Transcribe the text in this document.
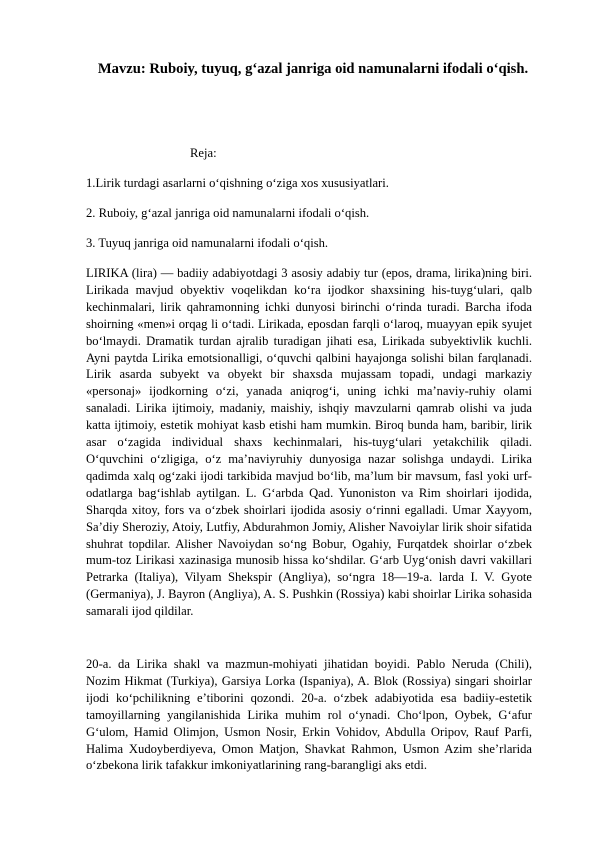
Mavzu: Ruboiy, tuyuq, g‘azal janriga oid namunalarni ifodali o‘qish.
Reja:
1.Lirik turdagi asarlarni o‘qishning o‘ziga xos xususiyatlari.
2. Ruboiy, g‘azal janriga oid namunalarni ifodali o‘qish.
3. Tuyuq janriga oid namunalarni ifodali o‘qish.

LIRIKA (lira) — badiiy adabiyotdagi 3 asosiy adabiy tur (epos, drama, lirika)ning biri. Lirikada mavjud obyektiv voqelikdan ko‘ra ijodkor shaxsining his-tuyg‘ulari, qalb kechinmalari, lirik qahramonning ichki dunyosi birinchi o‘rinda turadi. Barcha ifoda shoirning «men»i orqag li o‘tadi. Lirikada, eposdan farqli o‘laroq, muayyan epik syujet bo‘lmaydi. Dramatik turdan ajralib turadigan jihati esa, Lirikada subyektivlik kuchli. Ayni paytda Lirika emotsionalligi, o‘quvchi qalbini hayajonga solishi bilan farqlanadi. Lirik asarda subyekt va obyekt bir shaxsda mujassam topadi, undagi markaziy «personaj» ijodkorning o‘zi, yanada aniqrog‘i, uning ichki ma’naviy-ruhiy olami sanaladi. Lirika ijtimoiy, madaniy, maishiy, ishqiy mavzularni qamrab olishi va juda katta ijtimoiy, estetik mohiyat kasb etishi ham mumkin. Biroq bunda ham, baribir, lirik asar o‘zagida individual shaxs kechinmalari, his-tuyg‘ulari yetakchilik qiladi. O‘quvchini o‘zligiga, o‘z ma’naviyruhiy dunyosiga nazar solishga undaydi. Lirika qadimda xalq og‘zaki ijodi tarkibida mavjud bo‘lib, ma’lum bir mavsum, fasl yoki urf-odatlarga bag‘ishlab aytilgan. L. G‘arbda Qad. Yunoniston va Rim shoirlari ijodida, Sharqda xitoy, fors va o‘zbek shoirlari ijodida asosiy o‘rinni egalladi. Umar Xayyom, Sa’diy Sheroziy, Atoiy, Lutfiy, Abdurahmon Jomiy, Alisher Navoiylar lirik shoir sifatida shuhrat topdilar. Alisher Navoiydan so‘ng Bobur, Ogahiy, Furqatdek shoirlar o‘zbek mum-toz Lirikasi xazinasiga munosib hissa ko‘shdilar. G‘arb Uyg‘onish davri vakillari Petrarka (Italiya), Vilyam Shekspir (Angliya), so‘ngra 18—19-a. larda I. V. Gyote (Germaniya), J. Bayron (Angliya), A. S. Pushkin (Rossiya) kabi shoirlar Lirika sohasida samarali ijod qildilar.

20-a. da Lirika shakl va mazmun-mohiyati jihatidan boyidi. Pablo Neruda (Chili), Nozim Hikmat (Turkiya), Garsiya Lorka (Ispaniya), A. Blok (Rossiya) singari shoirlar ijodi ko‘pchilikning e’tiborini qozondi. 20-a. o‘zbek adabiyotida esa badiiy-estetik tamoyillarning yangilanishida Lirika muhim rol o‘ynadi. Cho‘lpon, Oybek, G‘afur G‘ulom, Hamid Olimjon, Usmon Nosir, Erkin Vohidov, Abdulla Oripov, Rauf Parfi, Halima Xudoyberdiyeva, Omon Matjon, Shavkat Rahmon, Usmon Azim she’rlarida o‘zbekona lirik tafakkur imkoniyatlarining rang-barangligi aks etdi.
